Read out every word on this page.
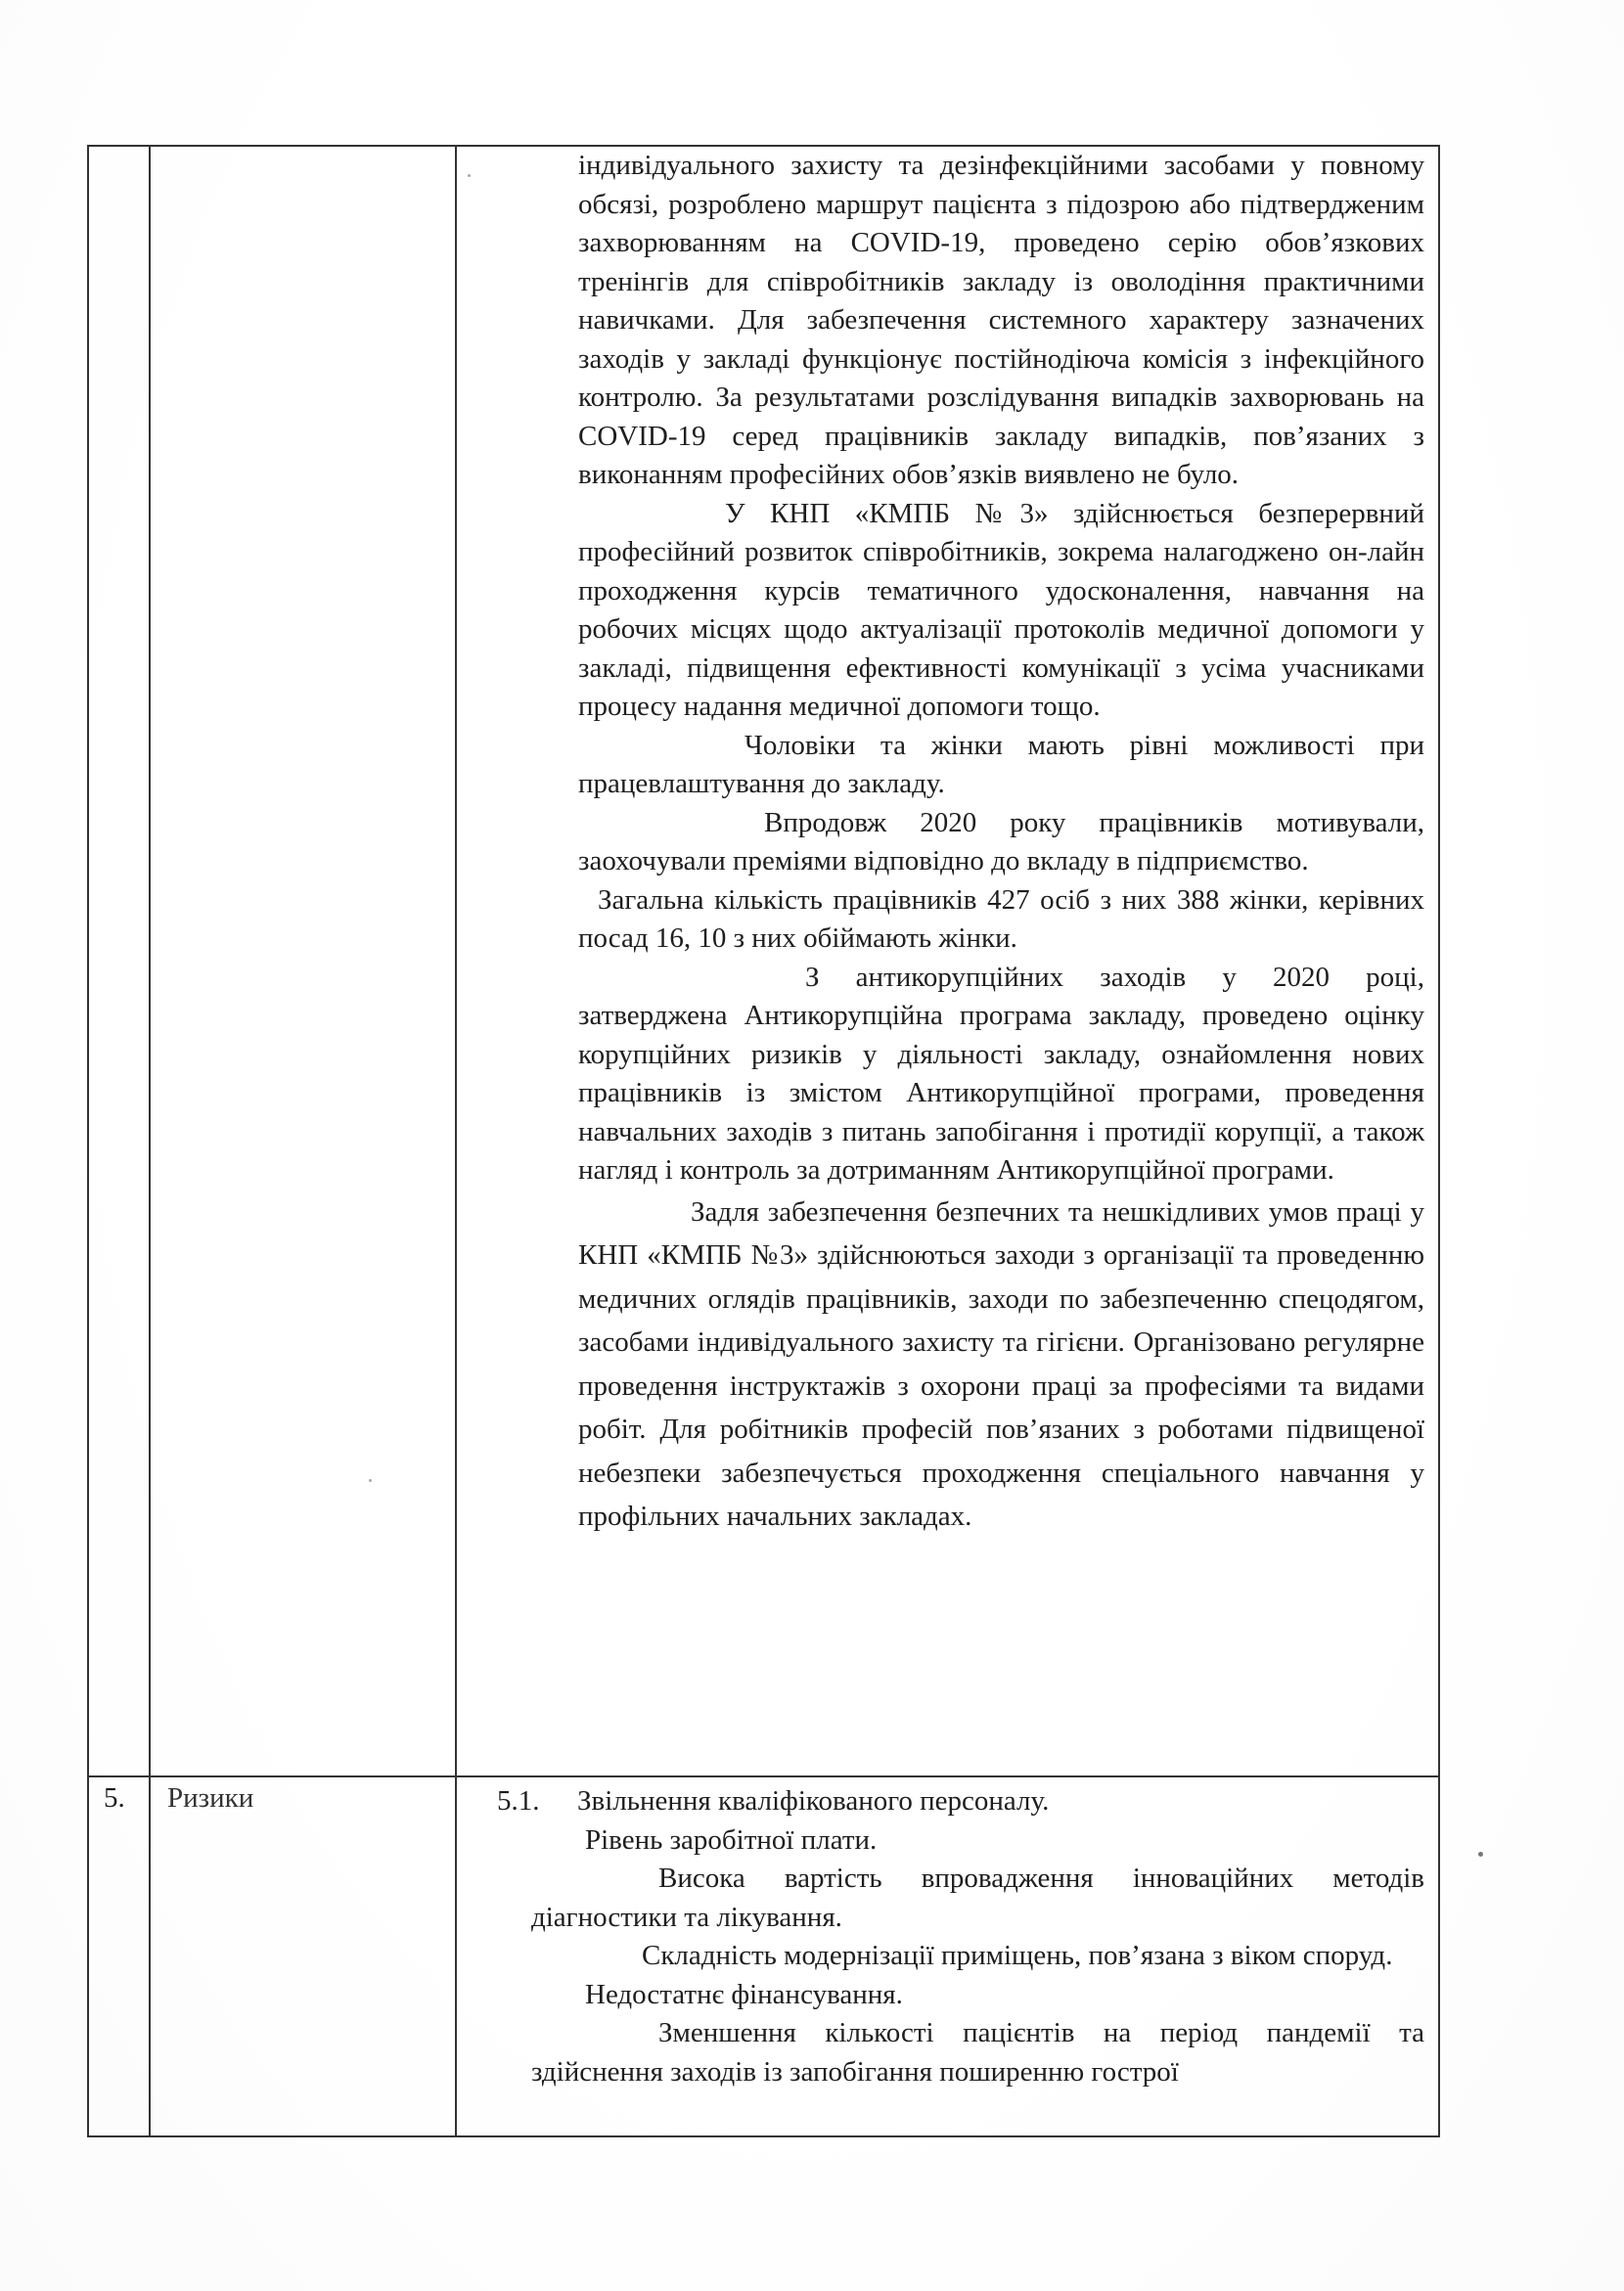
індивідуального захисту та дезінфекційними засобами у повному обсязі, розроблено маршрут пацієнта з підозрою або підтвердженим захворюванням на COVID-19, проведено серію обов’язкових тренінгів для співробітників закладу із оволодіння практичними навичками. Для забезпечення системного характеру зазначених заходів у закладі функціонує постійнодіюча комісія з інфекційного контролю. За результатами розслідування випадків захворювань на COVID-19 серед працівників закладу випадків, пов’язаних з виконанням професійних обов’язків виявлено не було.

У КНП «КМПБ №3» здійснюється безперервний професійний розвиток співробітників, зокрема налагоджено он-лайн проходження курсів тематичного удосконалення, навчання на робочих місцях щодо актуалізації протоколів медичної допомоги у закладі, підвищення ефективності комунікації з усіма учасниками процесу надання медичної допомоги тощо.

Чоловіки та жінки мають рівні можливості при працевлаштування до закладу.

Впродовж 2020 року працівників мотивували, заохочували преміями відповідно до вкладу в підприємство.

Загальна кількість працівників 427 осіб з них 388 жінки, керівних посад 16, 10 з них обіймають жінки.

З антикорупційних заходів у 2020 році, затверджена Антикорупційна програма закладу, проведено оцінку корупційних ризиків у діяльності закладу, ознайомлення нових працівників із змістом Антикорупційної програми, проведення навчальних заходів з питань запобігання і протидії корупції, а також нагляд і контроль за дотриманням Антикорупційної програми.

Задля забезпечення безпечних та нешкідливих умов праці у КНП «КМПБ №3» здійснюються заходи з організації та проведенню медичних оглядів працівників, заходи по забезпеченню спецодягом, засобами індивідуального захисту та гігієни. Організовано регулярне проведення інструктажів з охорони праці за професіями та видами робіт. Для робітників професій пов’язаних з роботами підвищеної небезпеки забезпечується проходження спеціального навчання у профільних начальних закладах.

5. Ризики	5.1.	Звільнення кваліфікованого персоналу.

Рівень заробітної плати.

Висока вартість впровадження інноваційних методів діагностики та лікування.

Складність модернізації приміщень, пов’язана з віком споруд.

Недостатнє фінансування.

Зменшення кількості пацієнтів на період пандемії та здійснення заходів із запобігання поширенню гострої
